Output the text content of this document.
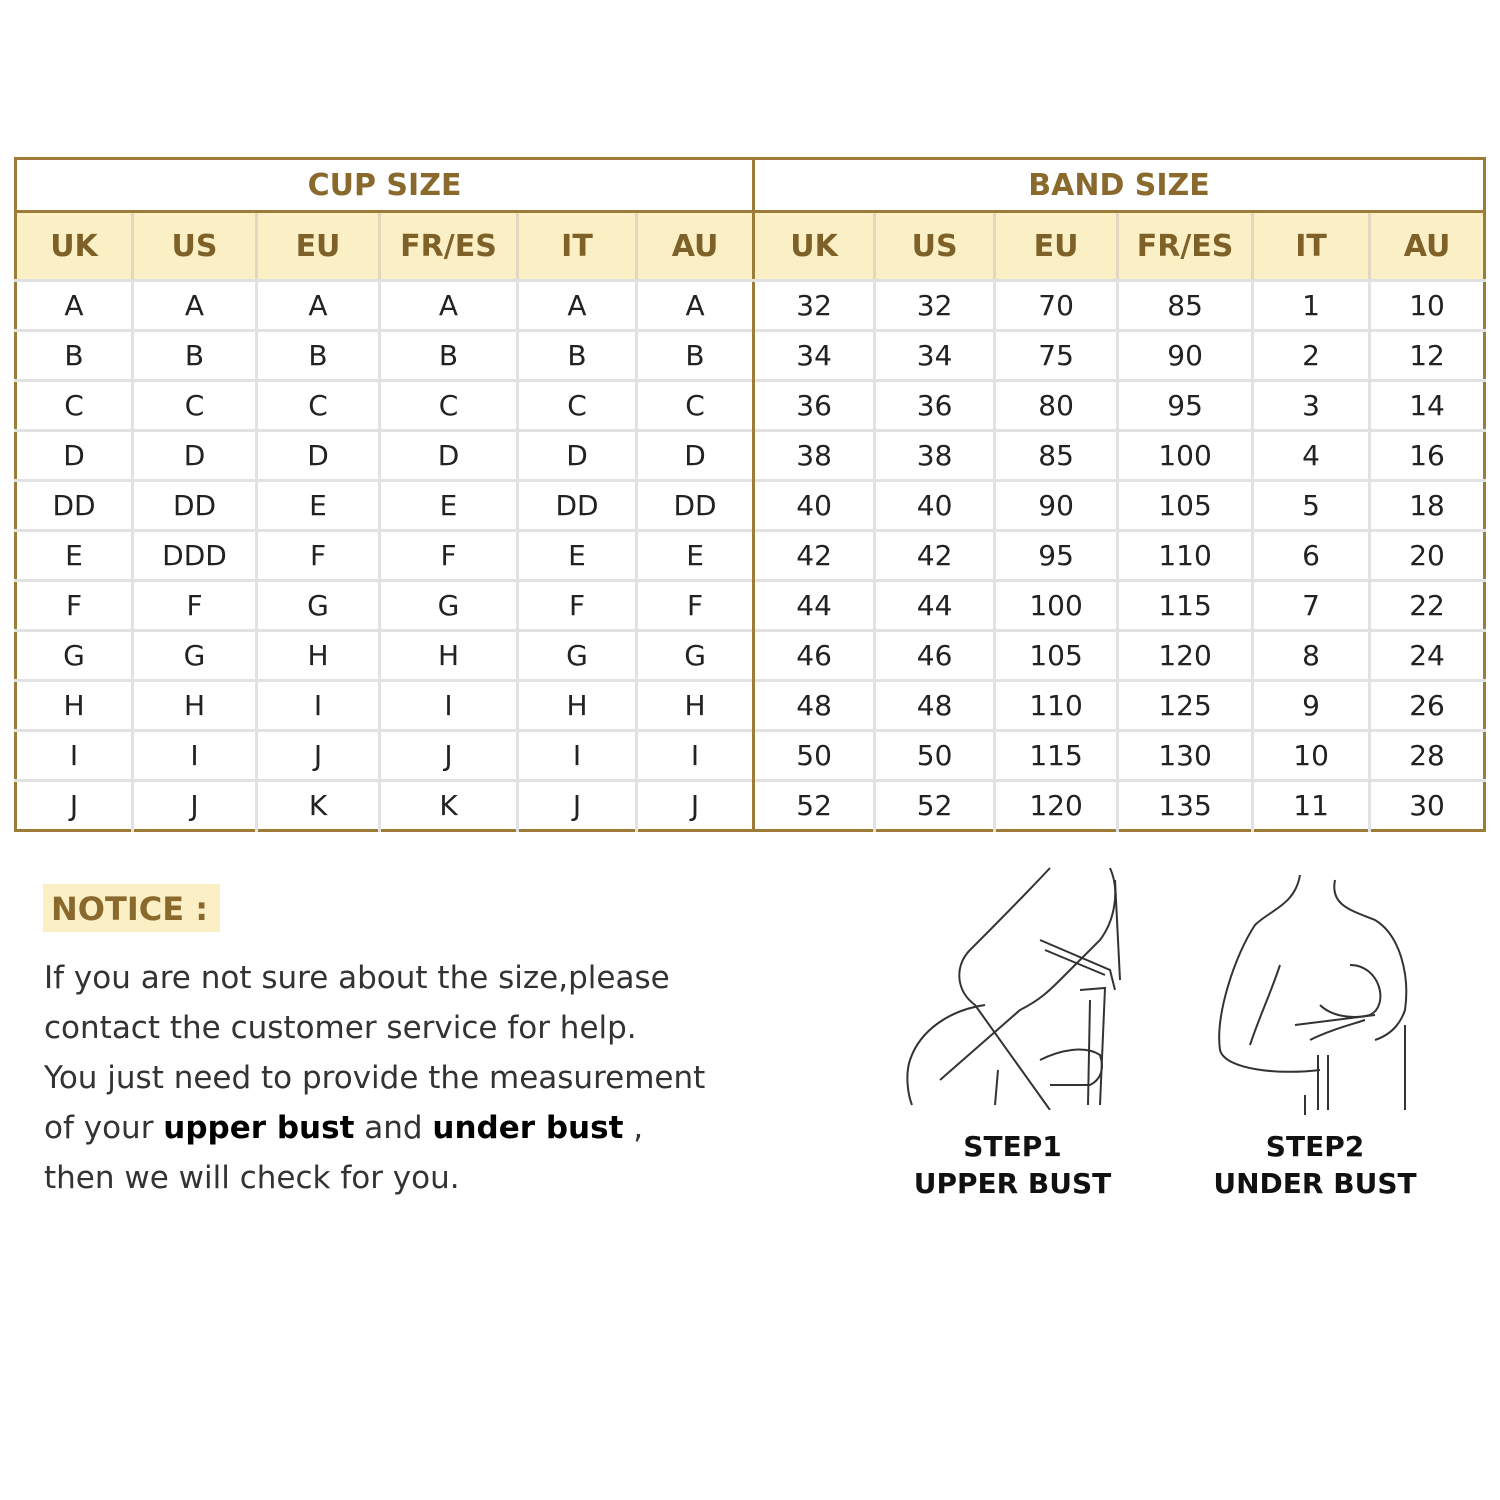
CUP SIZE						BAND SIZE					
UK	US	EU	FR/ES	IT	AU	UK	US	EU	FR/ES	IT	AU
A	A	A	A	A	A	32	32	70	85	1	10
B	B	B	B	B	B	34	34	75	90	2	12
C	C	C	C	C	C	36	36	80	95	3	14
D	D	D	D	D	D	38	38	85	100	4	16
DD	DD	E	E	DD	DD	40	40	90	105	5	18
E	DDD	F	F	E	E	42	42	95	110	6	20
F	F	G	G	F	F	44	44	100	115	7	22
G	G	H	H	G	G	46	46	105	120	8	24
H	H	I	I	H	H	48	48	110	125	9	26
I	I	J	J	I	I	50	50	115	130	10	28
J	J	K	K	J	J	52	52	120	135	11	30
NOTICE :
If you are not sure about the size,please
contact the customer service for help.
You just need to provide the measurement
of your upper bust and under bust ,
then we will check for you.
STEP1
UPPER BUST
STEP2
UNDER BUST
